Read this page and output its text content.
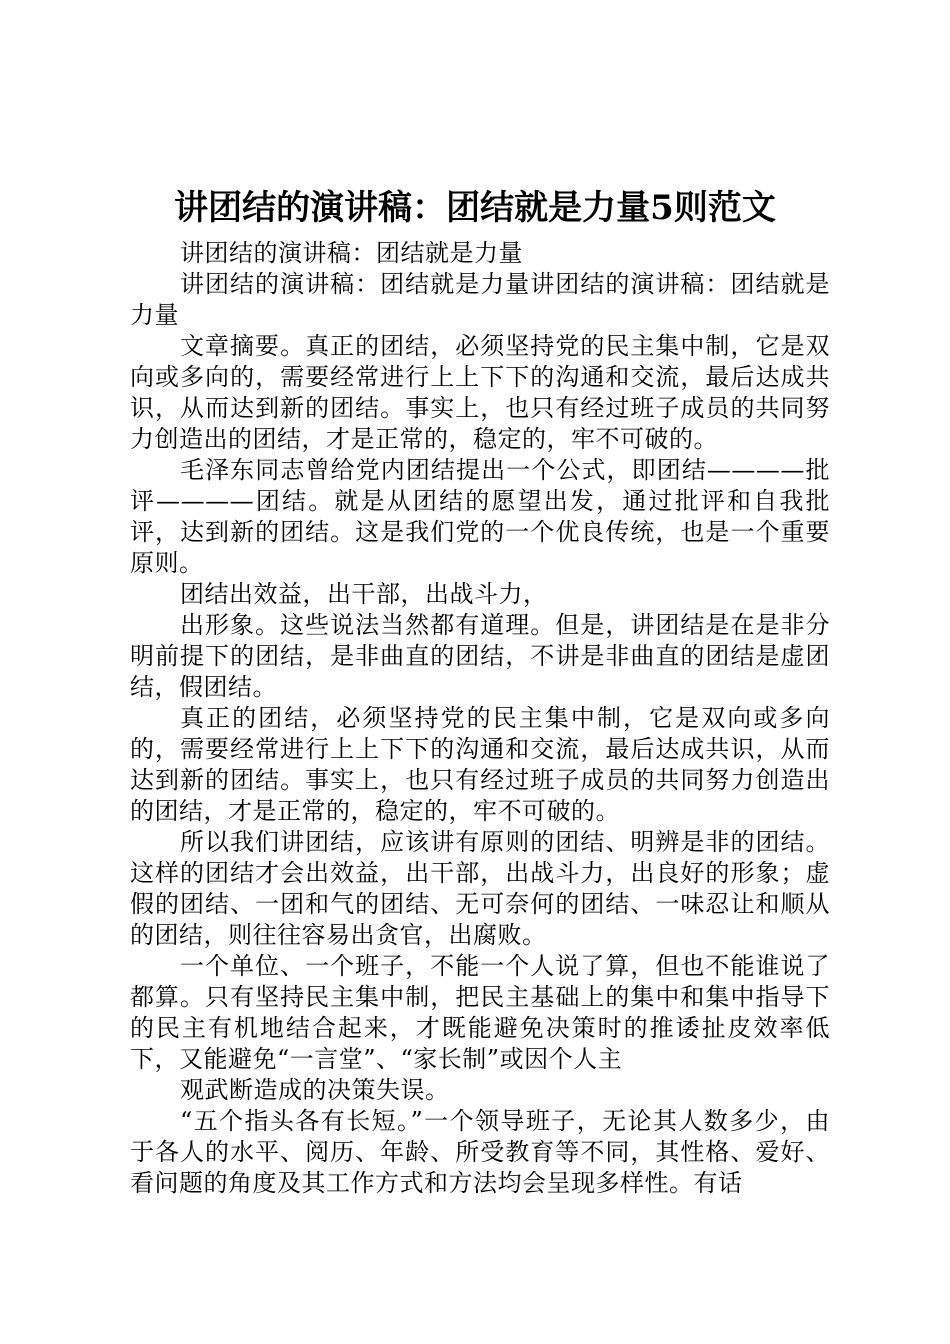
讲团结的演讲稿：团结就是力量5则范文

讲团结的演讲稿：团结就是力量

讲团结的演讲稿：团结就是力量讲团结的演讲稿：团结就是力量

文章摘要。真正的团结，必须坚持党的民主集中制，它是双向或多向的，需要经常进行上上下下的沟通和交流，最后达成共识，从而达到新的团结。事实上，也只有经过班子成员的共同努力创造出的团结，才是正常的，稳定的，牢不可破的。

毛泽东同志曾给党内团结提出一个公式，即团结————批评————团结。就是从团结的愿望出发，通过批评和自我批评，达到新的团结。这是我们党的一个优良传统，也是一个重要原则。

团结出效益，出干部，出战斗力，

出形象。这些说法当然都有道理。但是，讲团结是在是非分明前提下的团结，是非曲直的团结，不讲是非曲直的团结是虚团结，假团结。

真正的团结，必须坚持党的民主集中制，它是双向或多向的，需要经常进行上上下下的沟通和交流，最后达成共识，从而达到新的团结。事实上，也只有经过班子成员的共同努力创造出的团结，才是正常的，稳定的，牢不可破的。

所以我们讲团结，应该讲有原则的团结、明辨是非的团结。这样的团结才会出效益，出干部，出战斗力，出良好的形象；虚假的团结、一团和气的团结、无可奈何的团结、一味忍让和顺从的团结，则往往容易出贪官，出腐败。

一个单位、一个班子，不能一个人说了算，但也不能谁说了都算。只有坚持民主集中制，把民主基础上的集中和集中指导下的民主有机地结合起来，才既能避免决策时的推诿扯皮效率低下，又能避免“一言堂”、“家长制”或因个人主

观武断造成的决策失误。

“五个指头各有长短。”一个领导班子，无论其人数多少，由于各人的水平、阅历、年龄、所受教育等不同，其性格、爱好、看问题的角度及其工作方式和方法均会呈现多样性。有话
